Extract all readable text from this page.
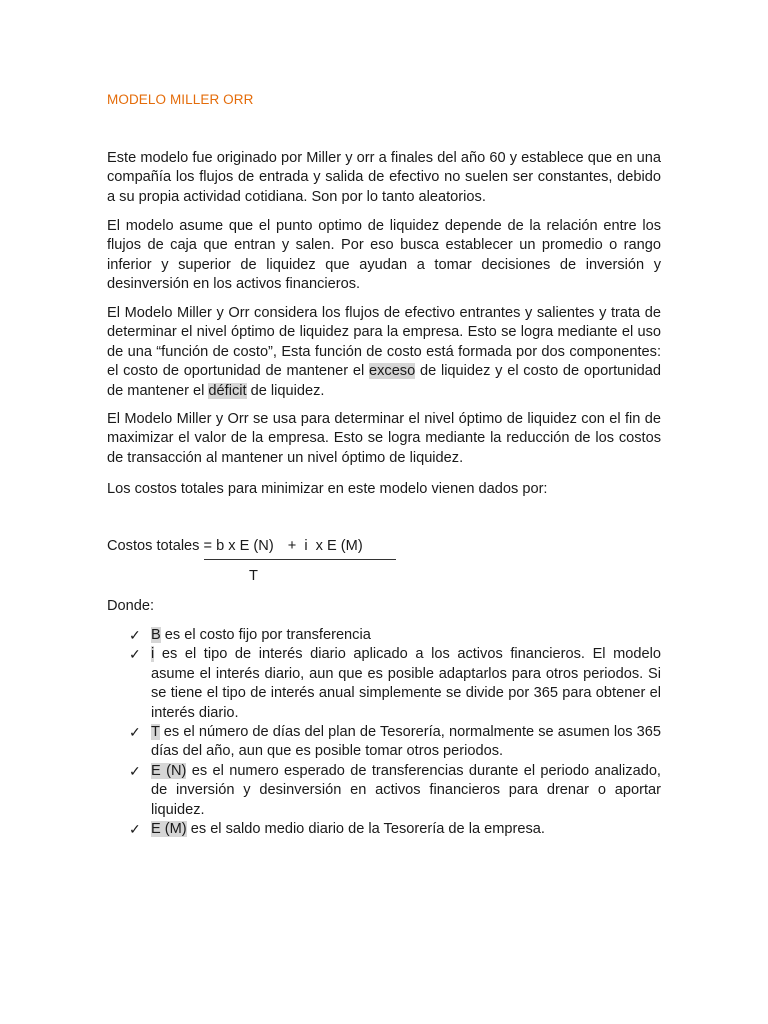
MODELO MILLER ORR

Este modelo fue originado por Miller y orr a finales del año 60 y establece que en una compañía los flujos de entrada y salida de efectivo no suelen ser constantes, debido a su propia actividad cotidiana. Son por lo tanto aleatorios.

El modelo asume que el punto optimo de liquidez depende de la relación entre los flujos de caja que entran y salen. Por eso busca establecer un promedio o rango inferior y superior de liquidez que ayudan a tomar decisiones de inversión y desinversión en los activos financieros.

El Modelo Miller y Orr considera los flujos de efectivo entrantes y salientes y trata de determinar el nivel óptimo de liquidez para la empresa. Esto se logra mediante el uso de una “función de costo”, Esta función de costo está formada por dos componentes: el costo de oportunidad de mantener el exceso de liquidez y el costo de oportunidad de mantener el déficit de liquidez.

El Modelo Miller y Orr se usa para determinar el nivel óptimo de liquidez con el fin de maximizar el valor de la empresa. Esto se logra mediante la reducción de los costos de transacción al mantener un nivel óptimo de liquidez.

Los costos totales para minimizar en este modelo vienen dados por:

Costos totales = b x E (N) +  i  x E (M)
T
Donde:
✓ B es el costo fijo por transferencia
✓ i es el tipo de interés diario aplicado a los activos financieros. El modelo asume el interés diario, aun que es posible adaptarlos para otros periodos. Si se tiene el tipo de interés anual simplemente se divide por 365 para obtener el interés diario.
✓ T es el número de días del plan de Tesorería, normalmente se asumen los 365 días del año, aun que es posible tomar otros periodos.
✓ E (N) es el numero esperado de transferencias durante el periodo analizado, de inversión y desinversión en activos financieros para drenar o aportar liquidez.
✓ E (M) es el saldo medio diario de la Tesorería de la empresa.
